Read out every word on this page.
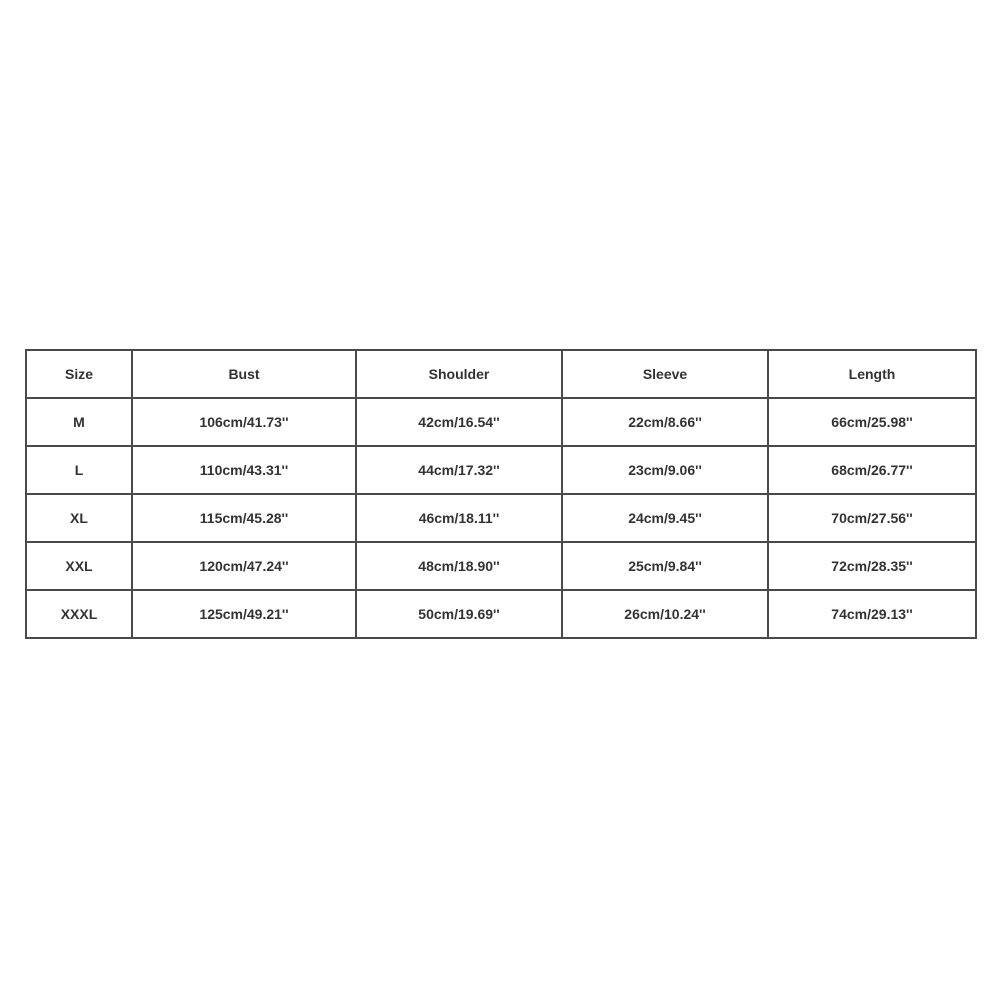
Size	Bust	Shoulder	Sleeve	Length
M	106cm/41.73''	42cm/16.54''	22cm/8.66''	66cm/25.98''
L	110cm/43.31''	44cm/17.32''	23cm/9.06''	68cm/26.77''
XL	115cm/45.28''	46cm/18.11''	24cm/9.45''	70cm/27.56''
XXL	120cm/47.24''	48cm/18.90''	25cm/9.84''	72cm/28.35''
XXXL	125cm/49.21''	50cm/19.69''	26cm/10.24''	74cm/29.13''
